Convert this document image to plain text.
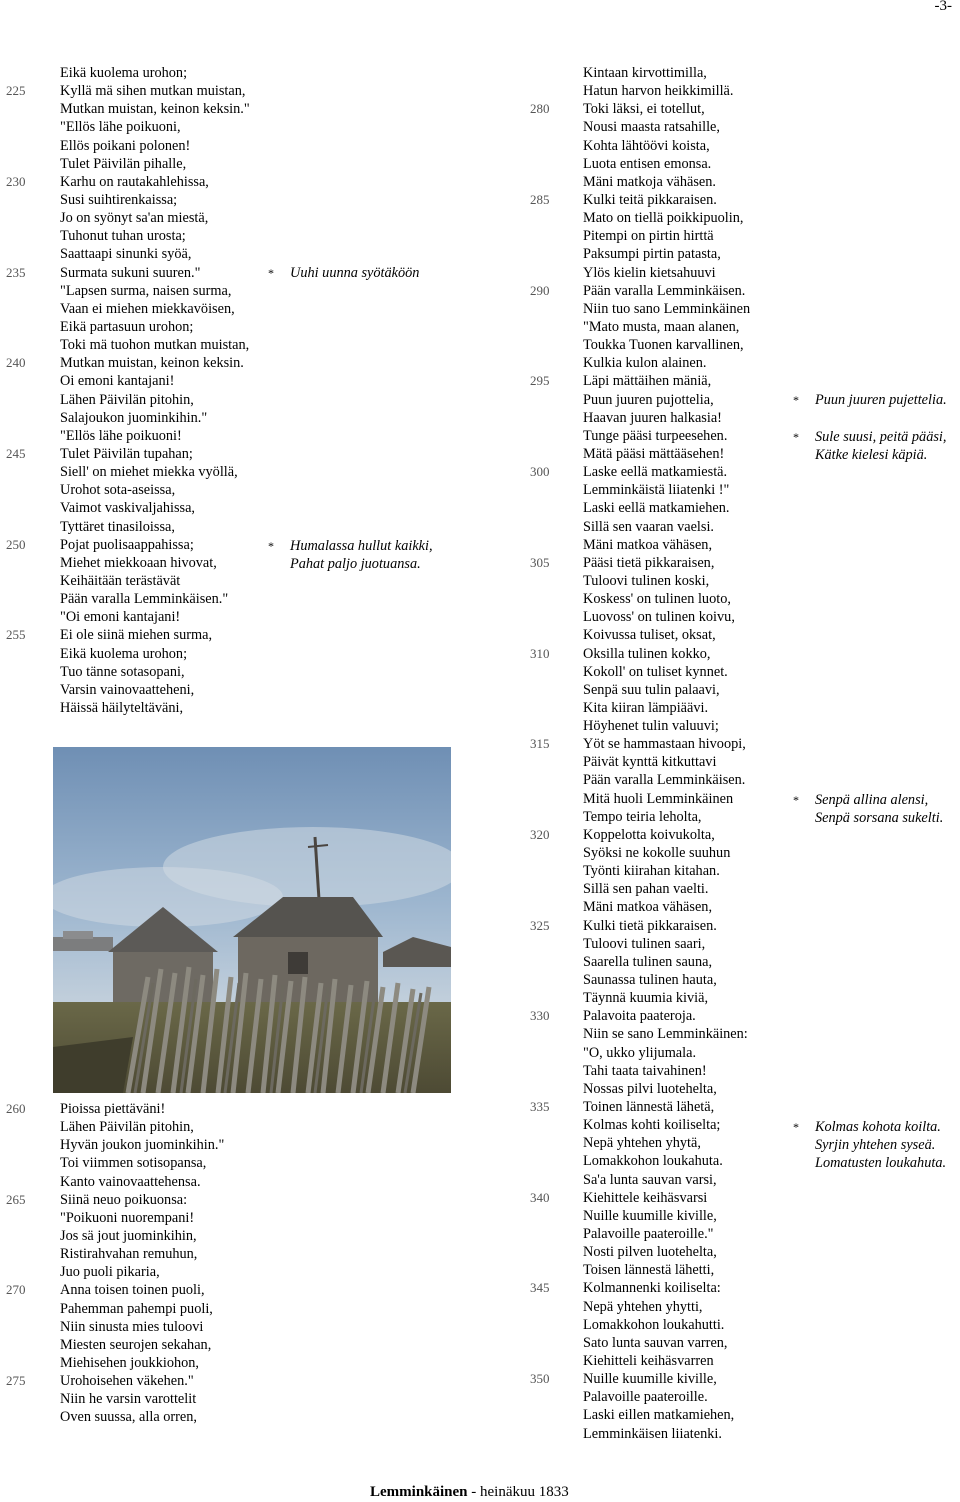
-3-
Eikä kuolema urohon;
225 Kyllä mä sihen mutkan muistan,
Mutkan muistan, keinon keksin."
"Ellös lähe poikuoni,
Ellös poikani polonen!
Tulet Päivilän pihalle,
230 Karhu on rautakahlehissa,
Susi suihtirenkaissa;
Jo on syönyt sa'an miestä,
Tuhonut tuhan urosta;
Saattaapi sinunki syöä,
235 Surmata sukuni suuren."
"Lapsen surma, naisen surma,
Vaan ei miehen miekkavöisen,
Eikä partasuun urohon;
Toki mä tuohon mutkan muistan,
240 Mutkan muistan, keinon keksin.
Oi emoni kantajani!
Lähen Päivilän pitohin,
Salajoukon juominkihin."
"Ellös lähe poikuoni!
245 Tulet Päivilän tupahan;
Siell' on miehet miekka vyöllä,
Urohot sota-aseissa,
Vaimot vaskivaljahissa,
Tyttäret tinasiloissa,
250 Pojat puolisaappahissa;
Miehet miekkoaan hivovat,
Keihäitään terästävät
Pään varalla Lemminkäisen."
"Oi emoni kantajani!
255 Ei ole siinä miehen surma,
Eikä kuolema urohon;
Tuo tänne sotasopani,
Varsin vainovaatteheni,
Häissä häilyteltäväni,
260 Pioissa piettäväni!
Lähen Päivilän pitohin,
Hyvän joukon juominkihin."
Toi viimmen sotisopansa,
Kanto vainovaattehensa.
265 Siinä neuo poikuonsa:
"Poikuoni nuorempani!
Jos sä jout juominkihin,
Ristirahvahan remuhun,
Juo puoli pikaria,
270 Anna toisen toinen puoli,
Pahemman pahempi puoli,
Niin sinusta mies tuloovi
Miesten seurojen sekahan,
Miehisehen joukkiohon,
275 Urohoisehen väkehen."
Niin he varsin varottelit
Oven suussa, alla orren,
Kintaan kirvottimilla,
Hatun harvon heikkimillä.
280 Toki läksi, ei totellut,
Nousi maasta ratsahille,
Kohta lähtöövi koista,
Luota entisen emonsa.
Mäni matkoja vähäsen.
285 Kulki teitä pikkaraisen.
Mato on tiellä poikkipuolin,
Pitempi on pirtin hirttä
Paksumpi pirtin patasta,
Ylös kielin kietsahuuvi
290 Pään varalla Lemminkäisen.
Niin tuo sano Lemminkäinen
"Mato musta, maan alanen,
Toukka Tuonen karvallinen,
Kulkia kulon alainen.
295 Läpi mättäihen mäniä,
Puun juuren pujottelia,
Haavan juuren halkasia!
Tunge pääsi turpeesehen.
Mätä pääsi mättääsehen!
300 Laske eellä matkamiestä.
Lemminkäistä liiatenki !"
Laski eellä matkamiehen.
Sillä sen vaaran vaelsi.
Mäni matkoa vähäsen,
305 Pääsi tietä pikkaraisen,
Tuloovi tulinen koski,
Koskess' on tulinen luoto,
Luovoss' on tulinen koivu,
Koivussa tuliset, oksat,
310 Oksilla tulinen kokko,
Kokoll' on tuliset kynnet.
Senpä suu tulin palaavi,
Kita kiiran lämpiäävi.
Höyhenet tulin valuuvi;
315 Yöt se hammastaan hivoopi,
Päivät kynttä kitkuttavi
Pään varalla Lemminkäisen.
Mitä huoli Lemminkäinen
Tempo teiria leholta,
320 Koppelotta koivukolta,
Syöksi ne kokolle suuhun
Työnti kiirahan kitahan.
Sillä sen pahan vaelti.
Mäni matkoa vähäsen,
325 Kulki tietä pikkaraisen.
Tuloovi tulinen saari,
Saarella tulinen sauna,
Saunassa tulinen hauta,
Täynnä kuumia kiviä,
330 Palavoita paateroja.
Niin se sano Lemminkäinen:
"O, ukko ylijumala.
Tahi taata taivahinen!
Nossas pilvi luotehelta,
335 Toinen lännestä lähetä,
Kolmas kohti koiliselta;
Nepä yhtehen yhytä,
Lomakkohon loukahuta.
Sa'a lunta sauvan varsi,
340 Kiehittele keihäsvarsi
Nuille kuumille kiville,
Palavoille paateroille."
Nosti pilven luotehelta,
Toisen lännestä lähetti,
345 Kolmannenki koiliselta:
Nepä yhtehen yhytti,
Lomakkohon loukahutti.
Sato lunta sauvan varren,
Kiehitteli keihäsvarren
350 Nuille kuumille kiville,
Palavoille paateroille.
Laski eillen matkamiehen,
Lemminkäisen liiatenki.
* Uuhi uunna syötäköön
* Humalassa hullut kaikki,
Pahat paljo juotuansa.
* Puun juuren pujettelia.
* Sule suusi, peitä pääsi,
Kätke kielesi käpiä.
* Senpä allina alensi,
Senpä sorsana sukelti.
* Kolmas kohota koilta.
Syrjin yhtehen syseä.
Lomatusten loukahuta.
Lemminkäinen - heinäkuu 1833
